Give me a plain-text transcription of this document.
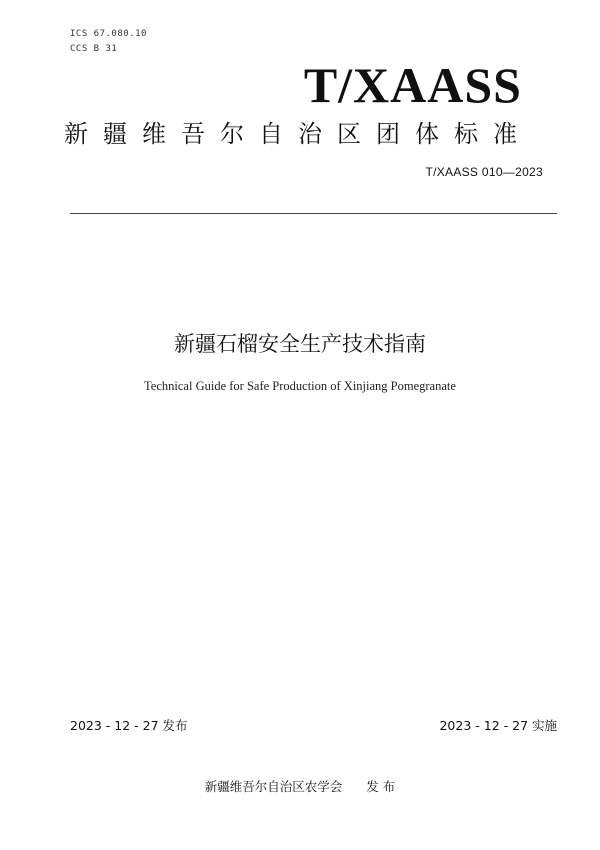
ICS 67.080.10
CCS B 31
T/XAASS
新疆维吾尔自治区团体标准
T/XAASS 010—2023
新疆石榴安全生产技术指南
Technical Guide for Safe Production of Xinjiang Pomegranate
2023 - 12 - 27 发布	2023 - 12 - 27 实施
新疆维吾尔自治区农学会 发 布
